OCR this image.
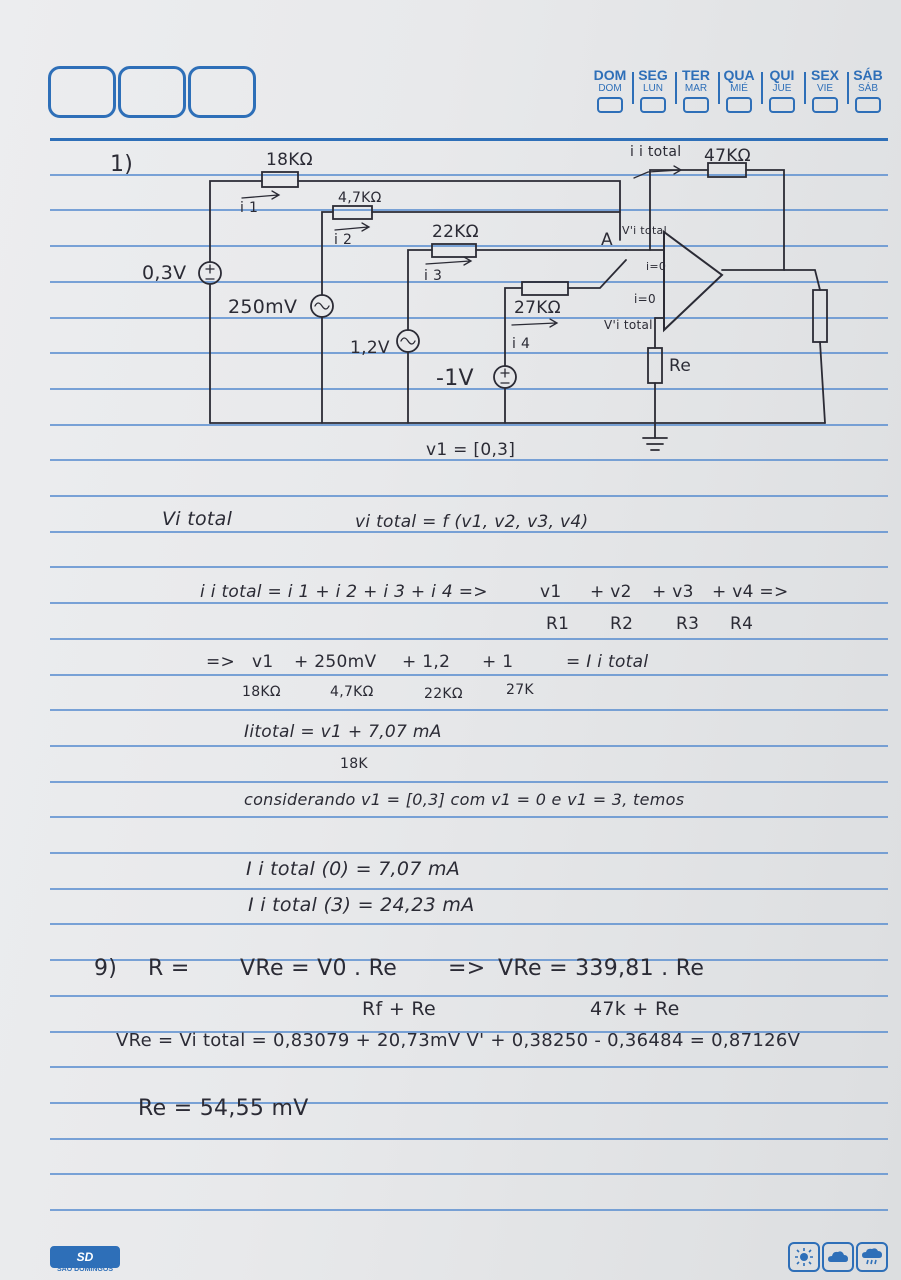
DOM
DOM
SEG
LUN
TER
MAR
QUA
MIÉ
QUI
JUE
SEX
VIE
SÁB
SÁB
1)	18KΩ
4,7KΩ
22KΩ
27KΩ
47KΩ
Re
0,3V
250mV
1,2V
-1V
i 1
i 2
i 3
i 4
i i total
A V'i total
i=0
i=0
V'i total
v1 = [0,3]
Vi total	vi total = f (v1, v2, v3, v4)
i i total = i 1 + i 2 + i 3 + i 4 =>	v1
R1
+ v2
R2
+ v3
R3
+ v4 =>
R4
=> v1
18KΩ
+ 250mV
4,7KΩ
+ 1,2
22KΩ
+ 1
27K
= I i total
Iitotal = v1 + 7,07 mA
18K
considerando v1 = [0,3] com v1 = 0 e v1 = 3, temos
I i total (0) = 7,07 mA
I i total (3) = 24,23 mA
9) R = VRe = V0 . Re
Rf + Re
=> VRe = 339,81 . Re
47k + Re
VRe = Vi total = 0,83079 + 20,73mV V' + 0,38250 - 0,36484 = 0,87126V
Re = 54,55 mV
SD
SÃO DOMINGOS
